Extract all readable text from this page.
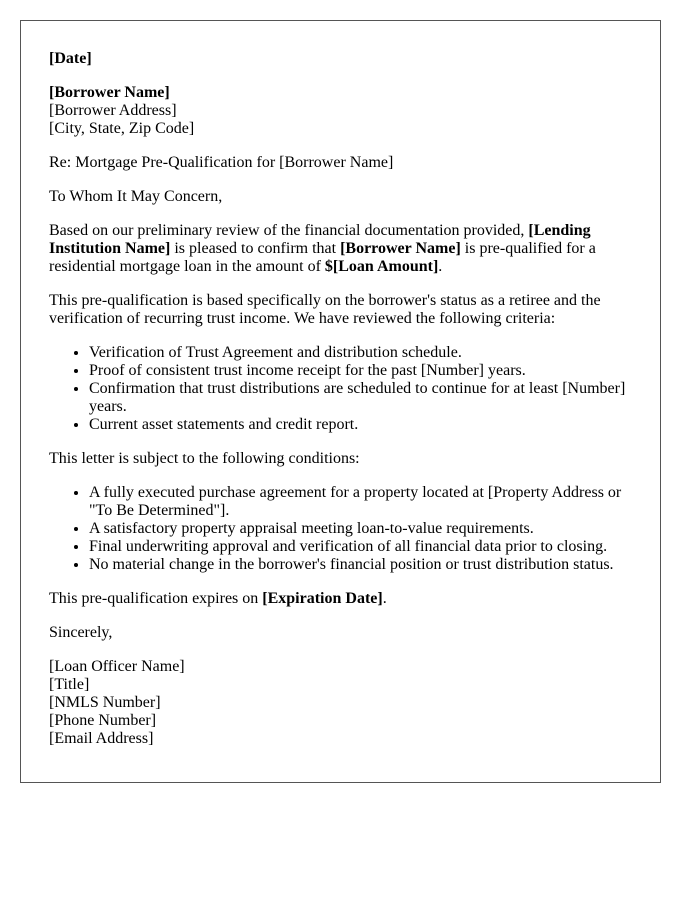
[Date]

[Borrower Name]
[Borrower Address]
[City, State, Zip Code]

Re: Mortgage Pre-Qualification for [Borrower Name]

To Whom It May Concern,

Based on our preliminary review of the financial documentation provided, [Lending Institution Name] is pleased to confirm that [Borrower Name] is pre-qualified for a residential mortgage loan in the amount of $[Loan Amount].

This pre-qualification is based specifically on the borrower's status as a retiree and the verification of recurring trust income. We have reviewed the following criteria:

• Verification of Trust Agreement and distribution schedule.
• Proof of consistent trust income receipt for the past [Number] years.
• Confirmation that trust distributions are scheduled to continue for at least [Number] years.
• Current asset statements and credit report.

This letter is subject to the following conditions:

• A fully executed purchase agreement for a property located at [Property Address or "To Be Determined"].
• A satisfactory property appraisal meeting loan-to-value requirements.
• Final underwriting approval and verification of all financial data prior to closing.
• No material change in the borrower's financial position or trust distribution status.

This pre-qualification expires on [Expiration Date].

Sincerely,

[Loan Officer Name]
[Title]
[NMLS Number]
[Phone Number]
[Email Address]
